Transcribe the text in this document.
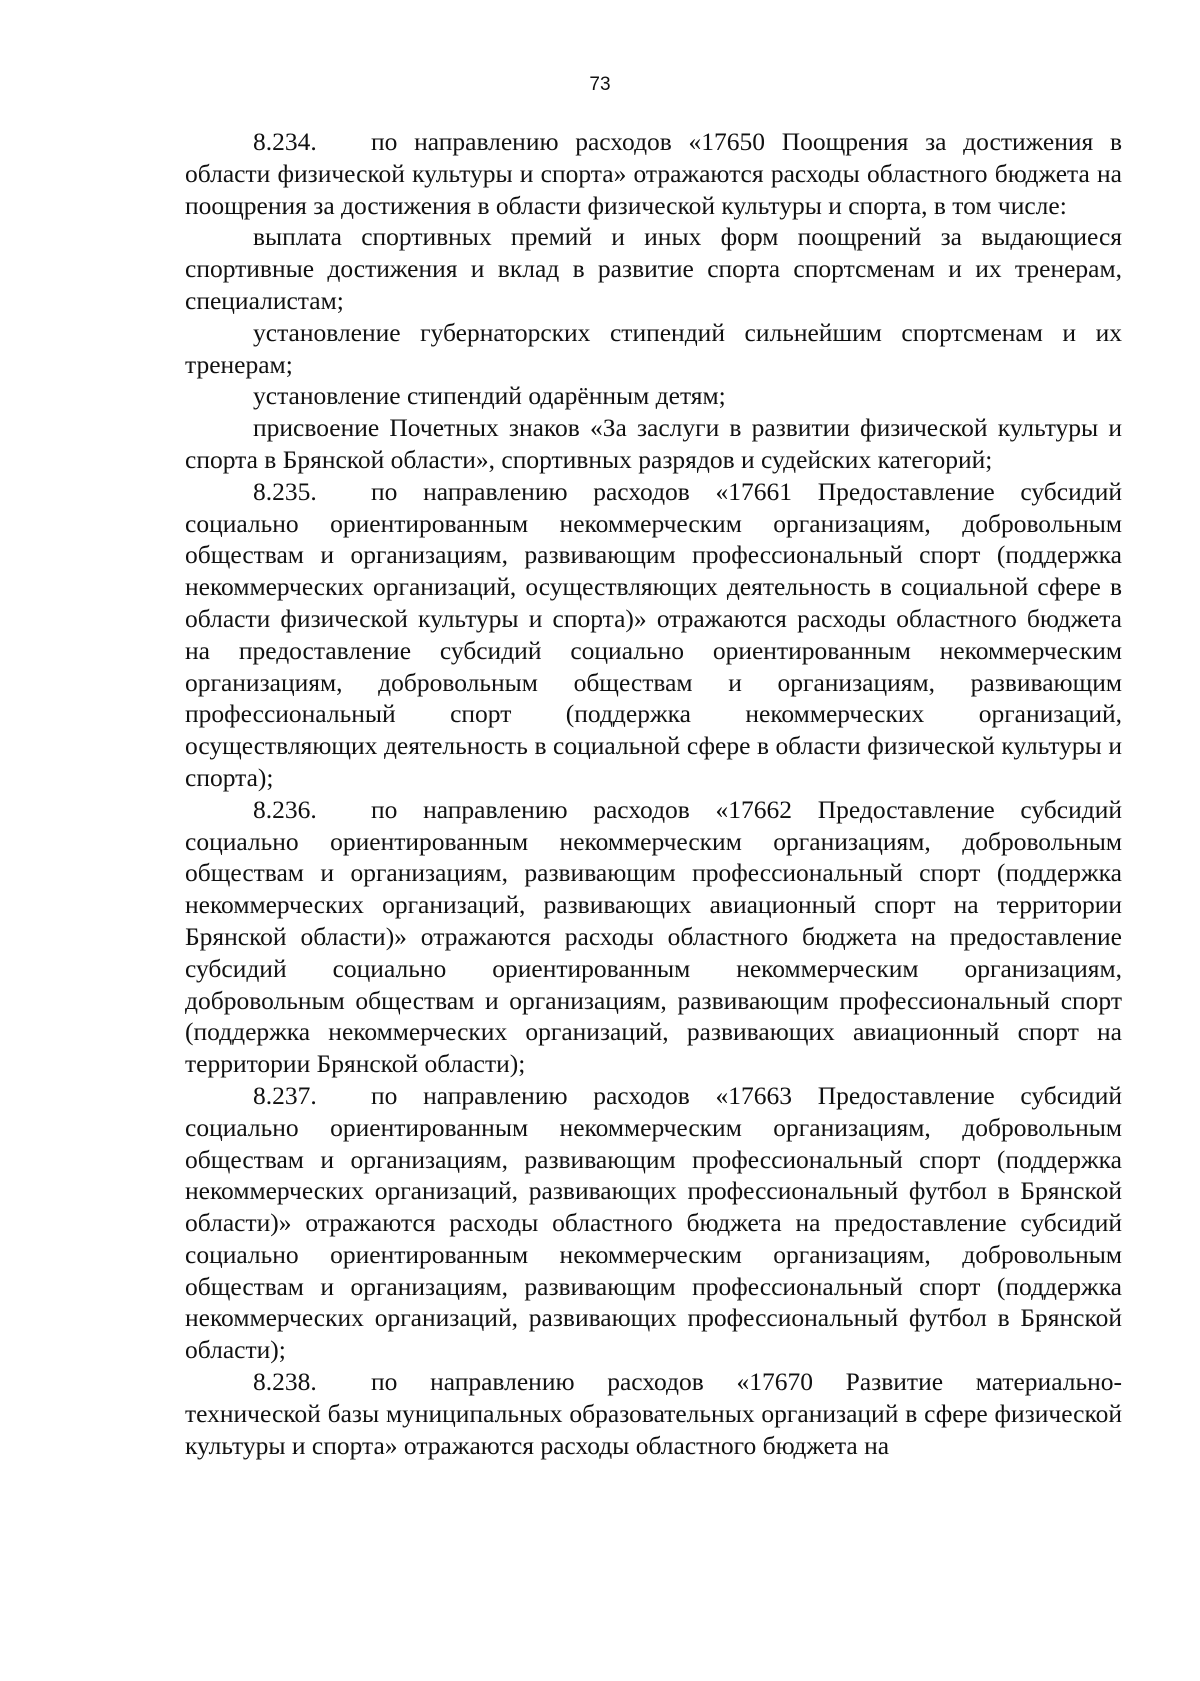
73

8.234. по направлению расходов «17650 Поощрения за достижения в области физической культуры и спорта» отражаются расходы областного бюджета на поощрения за достижения в области физической культуры и спорта, в том числе:

выплата спортивных премий и иных форм поощрений за выдающиеся спортивные достижения и вклад в развитие спорта спортсменам и их тренерам, специалистам;

установление губернаторских стипендий сильнейшим спортсменам и их тренерам;

установление стипендий одарённым детям;

присвоение Почетных знаков «За заслуги в развитии физической культуры и спорта в Брянской области», спортивных разрядов и судейских категорий;

8.235. по направлению расходов «17661 Предоставление субсидий социально ориентированным некоммерческим организациям, добровольным обществам и организациям, развивающим профессиональный спорт (поддержка некоммерческих организаций, осуществляющих деятельность в социальной сфере в области физической культуры и спорта)» отражаются расходы областного бюджета на предоставление субсидий социально ориентированным некоммерческим организациям, добровольным обществам и организациям, развивающим профессиональный спорт (поддержка некоммерческих организаций, осуществляющих деятельность в социальной сфере в области физической культуры и спорта);

8.236. по направлению расходов «17662 Предоставление субсидий социально ориентированным некоммерческим организациям, добровольным обществам и организациям, развивающим профессиональный спорт (поддержка некоммерческих организаций, развивающих авиационный спорт на территории Брянской области)» отражаются расходы областного бюджета на предоставление субсидий социально ориентированным некоммерческим организациям, добровольным обществам и организациям, развивающим профессиональный спорт (поддержка некоммерческих организаций, развивающих авиационный спорт на территории Брянской области);

8.237. по направлению расходов «17663 Предоставление субсидий социально ориентированным некоммерческим организациям, добровольным обществам и организациям, развивающим профессиональный спорт (поддержка некоммерческих организаций, развивающих профессиональный футбол в Брянской области)» отражаются расходы областного бюджета на предоставление субсидий социально ориентированным некоммерческим организациям, добровольным обществам и организациям, развивающим профессиональный спорт (поддержка некоммерческих организаций, развивающих профессиональный футбол в Брянской области);

8.238. по направлению расходов «17670 Развитие материально-технической базы муниципальных образовательных организаций в сфере физической культуры и спорта» отражаются расходы областного бюджета на
